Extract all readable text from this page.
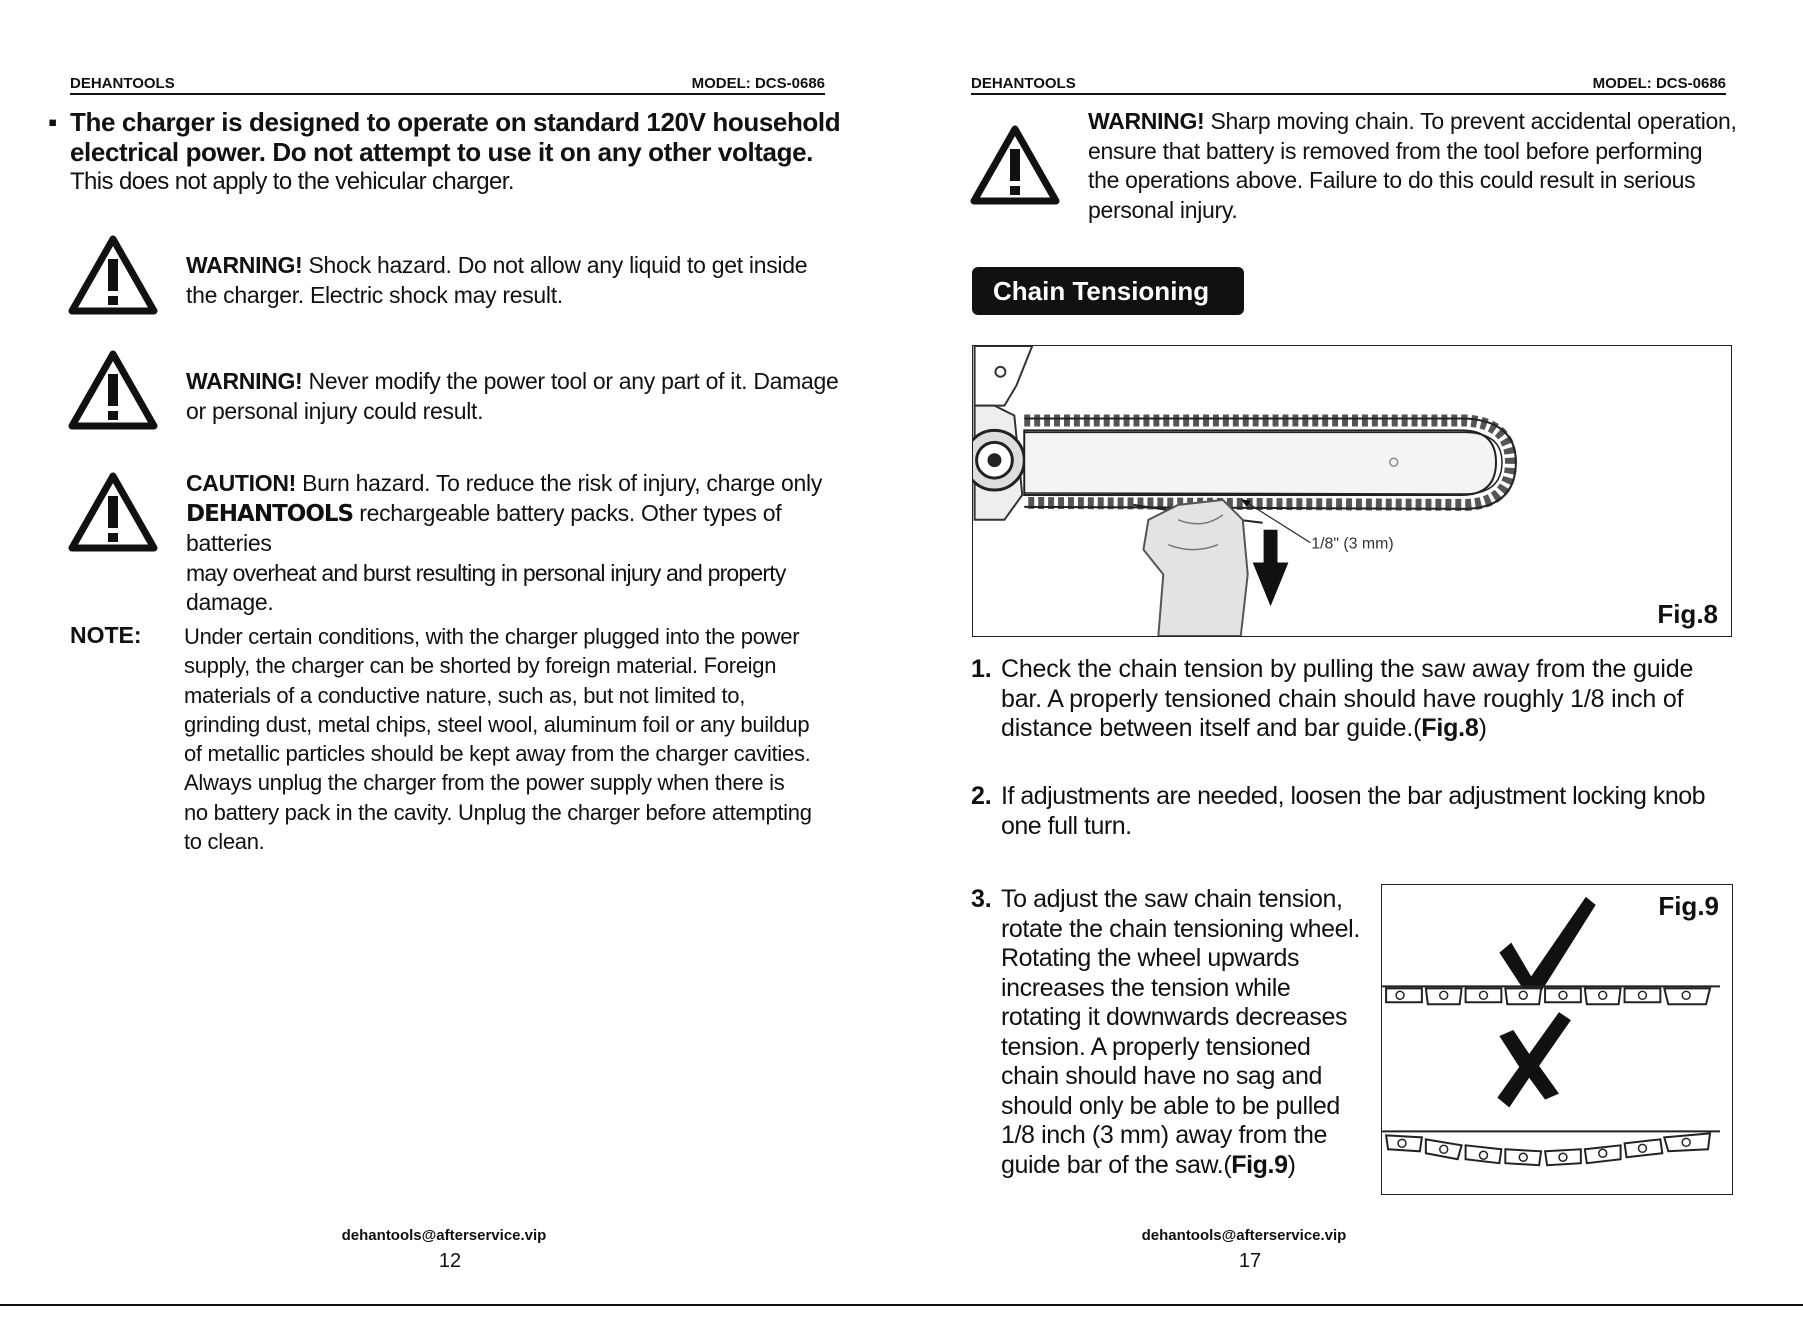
DEHANTOOLS	MODEL: DCS-0686
▪ The charger is designed to operate on standard 120V household
electrical power. Do not attempt to use it on any other voltage.
This does not apply to the vehicular charger.
WARNING! Shock hazard. Do not allow any liquid to get inside
the charger. Electric shock may result.
WARNING! Never modify the power tool or any part of it. Damage
or personal injury could result.
CAUTION! Burn hazard. To reduce the risk of injury, charge only
DEHANTOOLS rechargeable battery packs. Other types of batteries
may overheat and burst resulting in personal injury and property
damage.
NOTE: Under certain conditions, with the charger plugged into the power
supply, the charger can be shorted by foreign material. Foreign
materials of a conductive nature, such as, but not limited to,
grinding dust, metal chips, steel wool, aluminum foil or any buildup
of metallic particles should be kept away from the charger cavities.
Always unplug the charger from the power supply when there is
no battery pack in the cavity. Unplug the charger before attempting
to clean.
dehantools@afterservice.vip
12
DEHANTOOLS	MODEL: DCS-0686
WARNING! Sharp moving chain. To prevent accidental operation,
ensure that battery is removed from the tool before performing
the operations above. Failure to do this could result in serious
personal injury.
Chain Tensioning
1/8" (3 mm)
Fig.8
1. Check the chain tension by pulling the saw away from the guide
bar. A properly tensioned chain should have roughly 1/8 inch of
distance between itself and bar guide.(Fig.8)
2. If adjustments are needed, loosen the bar adjustment locking knob
one full turn.
3. To adjust the saw chain tension,
rotate the chain tensioning wheel.
Rotating the wheel upwards
increases the tension while
rotating it downwards decreases
tension. A properly tensioned
chain should have no sag and
should only be able to be pulled
1/8 inch (3 mm) away from the
guide bar of the saw.(Fig.9)
Fig.9
dehantools@afterservice.vip
17
